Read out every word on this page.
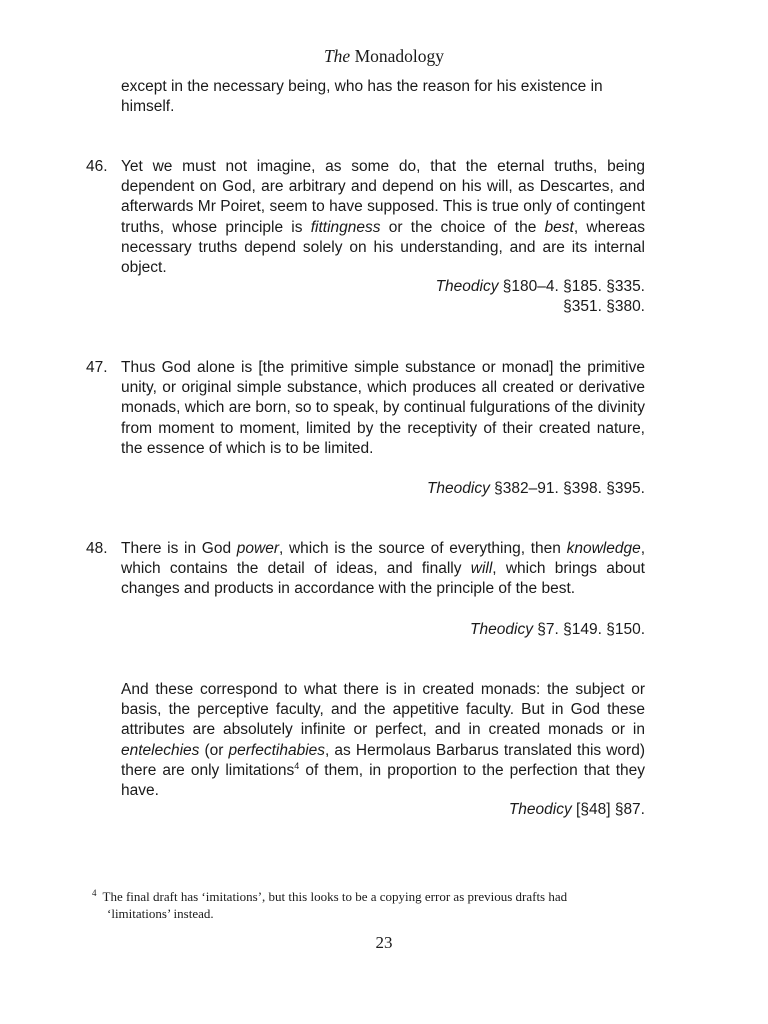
The Monadology
except in the necessary being, who has the reason for his existence in
himself.
46. Yet we must not imagine, as some do, that the eternal truths, being dependent on God, are arbitrary and depend on his will, as Descartes, and afterwards Mr Poiret, seem to have supposed. This is true only of contingent truths, whose principle is fittingness or the choice of the best, whereas necessary truths depend solely on his understanding, and are its internal object.
Theodicy §180–4. §185. §335.
§351. §380.
47. Thus God alone is [the primitive simple substance or monad] the primitive unity, or original simple substance, which produces all created or derivative monads, which are born, so to speak, by continual fulgurations of the divinity from moment to moment, limited by the receptivity of their created nature, the essence of which is to be limited.
Theodicy §382–91. §398. §395.
48. There is in God power, which is the source of everything, then knowledge, which contains the detail of ideas, and finally will, which brings about changes and products in accordance with the principle of the best.
Theodicy §7. §149. §150.
And these correspond to what there is in created monads: the subject or basis, the perceptive faculty, and the appetitive faculty. But in God these attributes are absolutely infinite or perfect, and in created monads or in entelechies (or perfectihabies, as Hermolaus Barbarus translated this word) there are only limitations$^4$ of them, in proportion to the perfection that they have.
Theodicy [§48] §87.
$^4$ The final draft has ‘imitations’, but this looks to be a copying error as previous drafts had
‘limitations’ instead.
23
